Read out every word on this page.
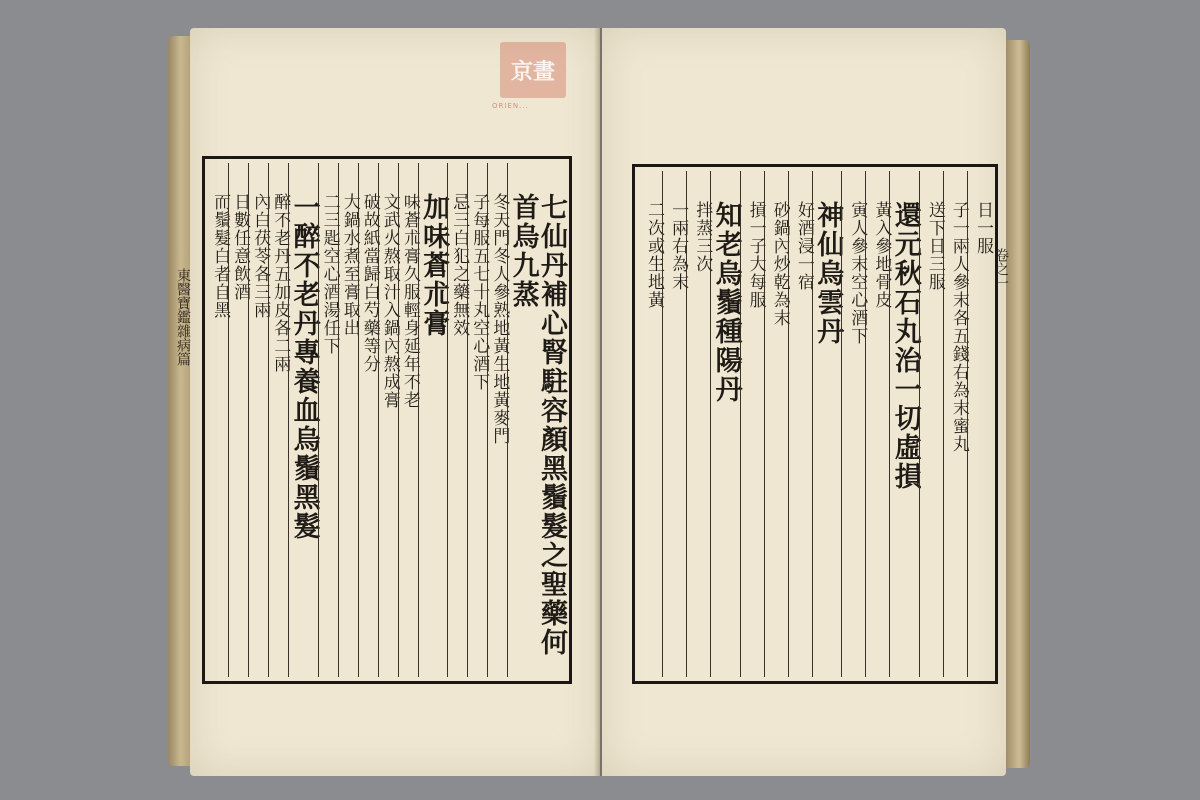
東醫寶鑑雜病篇	七仙丹補心腎駐容顏黑鬚髮之聖藥何首烏九蒸
冬天門冬人參熟地黃生地黃麥門
子每服五七十丸空心酒下
忌三白犯之藥無效
加味蒼朮膏
味蒼朮膏久服輕身延年不老
文武火熬取汁入鍋內熬成膏
破故紙當歸白芍藥等分
大鍋水煮至膏取出
二三匙空心酒湯任下
一醉不老丹專養血烏鬚黑髮
醉不老丹五加皮各二兩
內白茯苓各三兩
日數任意飲酒
而鬚髮白者自黑	卷之一
日一服
子一兩人參末各五錢右為末蜜丸
送下日三服
還元秋石丸治一切虛損
黃入參地骨皮
寅人參末空心酒下
神仙烏雲丹
好酒浸一宿
砂鍋內炒乾為末
摃一子大每服
知老烏鬚種陽丹
拌蒸三次
一兩右為末
二次或生地黃
京畫
ORIEN...
